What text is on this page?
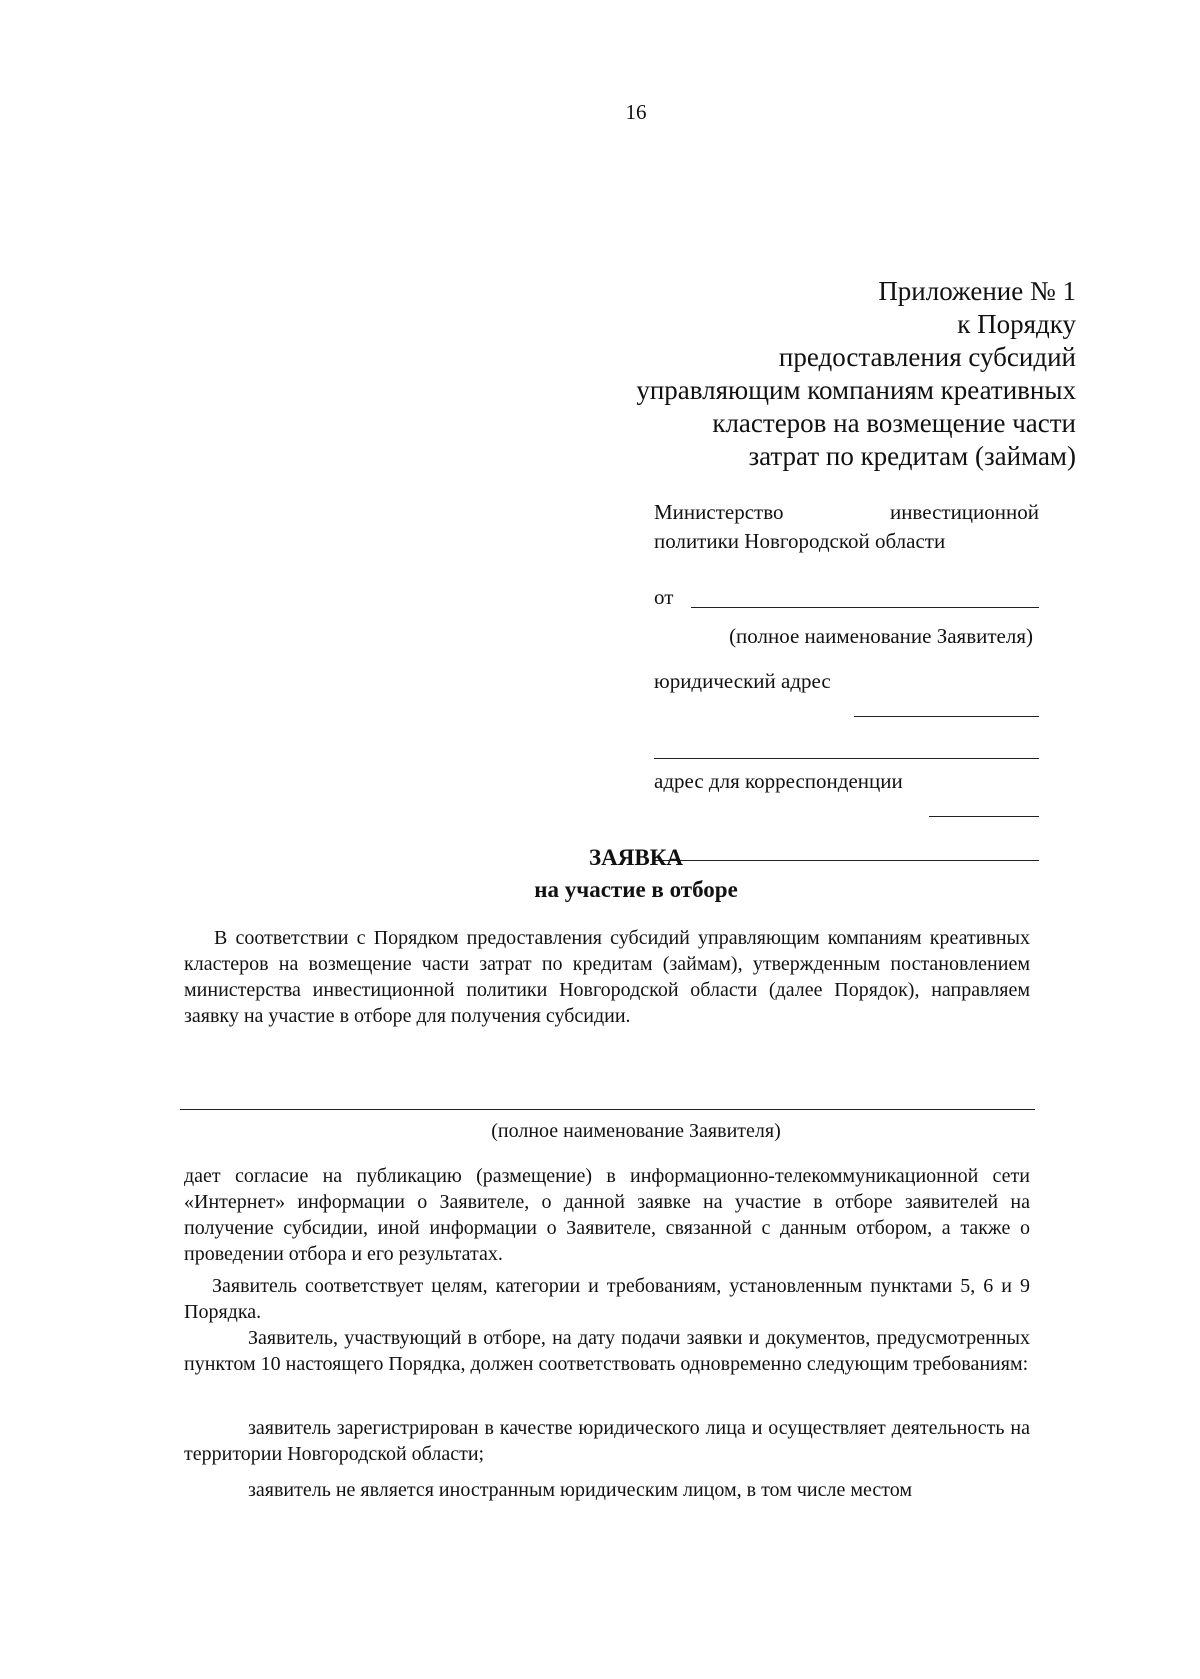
16
Приложение № 1
к Порядку
предоставления субсидий
управляющим компаниям креативных
кластеров на возмещение части
затрат по кредитам (займам)
Министерство	инвестиционной
политики Новгородской области
от
(полное наименование Заявителя)
юридический адрес
адрес для корреспонденции
ЗАЯВКА
на участие в отборе
В соответствии с Порядком предоставления субсидий управляющим компаниям креативных кластеров на возмещение части затрат по кредитам (займам), утвержденным постановлением министерства инвестиционной политики Новгородской области (далее Порядок), направляем заявку на участие в отборе для получения субсидии.
(полное наименование Заявителя)
дает согласие на публикацию (размещение) в информационно-телекоммуникационной сети «Интернет» информации о Заявителе, о данной заявке на участие в отборе заявителей на получение субсидии, иной информации о Заявителе, связанной с данным отбором, а также о проведении отбора и его результатах.
Заявитель соответствует целям, категории и требованиям, установленным пунктами 5, 6 и 9 Порядка.
Заявитель, участвующий в отборе, на дату подачи заявки и документов, предусмотренных пунктом 10 настоящего Порядка, должен соответствовать одновременно следующим требованиям:
заявитель зарегистрирован в качестве юридического лица и осуществляет деятельность на территории Новгородской области;
заявитель не является иностранным юридическим лицом, в том числе местом
